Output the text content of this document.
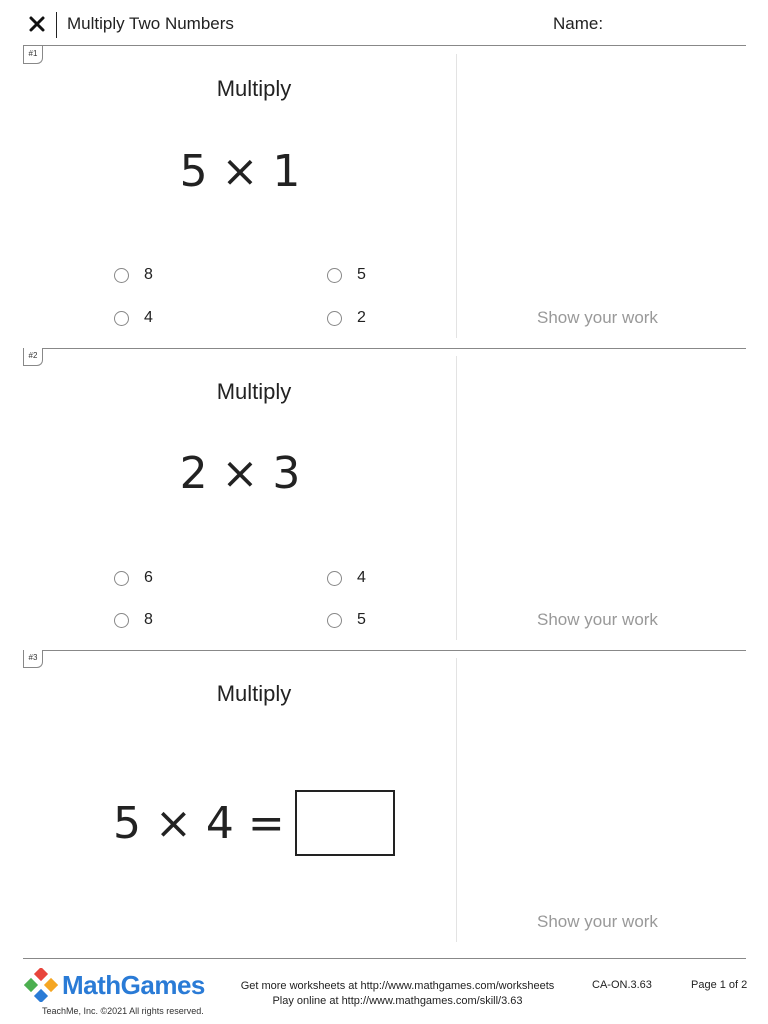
Multiply Two Numbers	Name:
#1
Multiply
5 × 1
8	5
4	2	Show your work
#2
Multiply
2 × 3
6	4
8	5	Show your work
#3
Multiply
5 × 4 =
Show your work
MathGames
TeachMe, Inc. ©2021 All rights reserved.
Get more worksheets at http://www.mathgames.com/worksheets
Play online at http://www.mathgames.com/skill/3.63
CA-ON.3.63	Page 1 of 2
